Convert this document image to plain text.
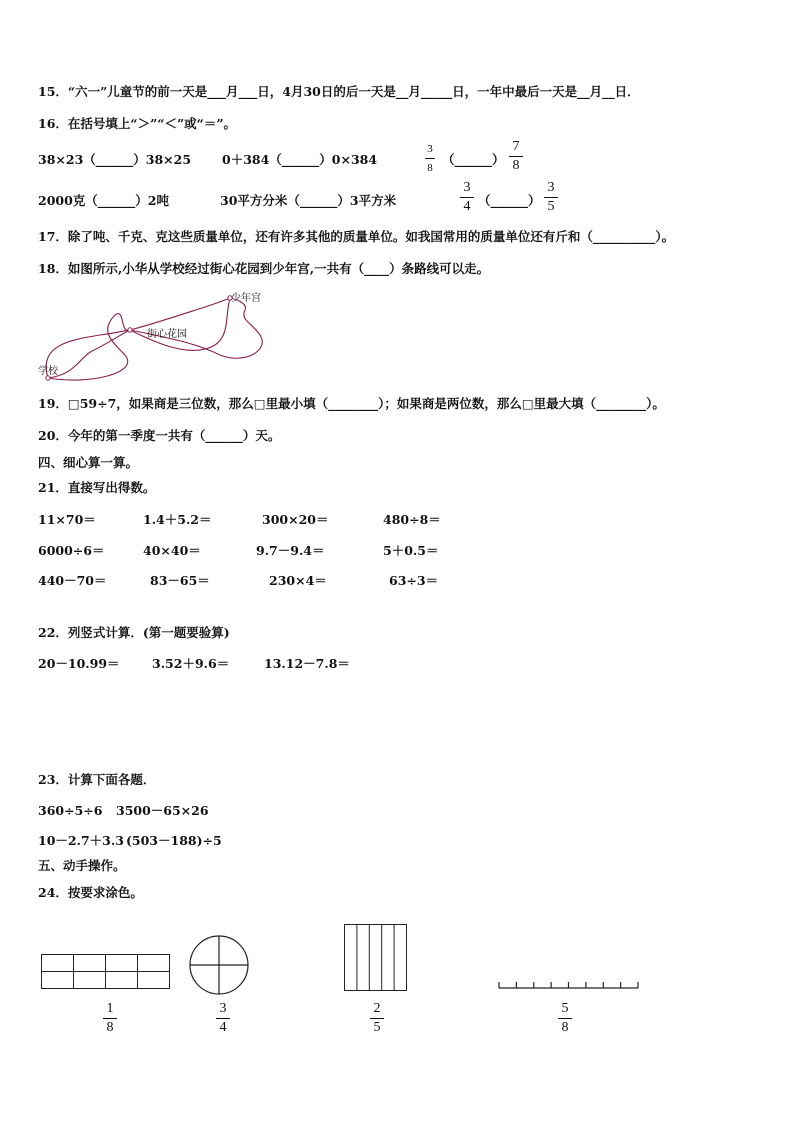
15．“六一”儿童节的前一天是___月___日，4月30日的后一天是__月_____日，一年中最后一天是__月__日．
16．在括号填上“＞”“＜”或“＝”。
38×23（______）38×25 0＋384（______）0×384
3
8
（______）
7
8
2000克（______）2吨	30平方分米（______）3平方米
3
4 （______）
3
5
17．除了吨、千克、克这些质量单位，还有许多其他的质量单位。如我国常用的质量单位还有斤和（__________）。
18．如图所示,小华从学校经过街心花园到少年宫,一共有（____）条路线可以走。
学校
街心花园
少年宫
19．□59÷7，如果商是三位数，那么□里最小填（________）；如果商是两位数，那么□里最大填（________）。
20．今年的第一季度一共有（______）天。
四、细心算一算。
21．直接写出得数。
11×70＝	1.4＋5.2＝	300×20＝	480÷8＝
6000÷6＝	40×40＝	9.7－9.4＝	5＋0.5＝
440－70＝	83－65＝	230×4＝	63÷3＝
22．列竖式计算．(第一题要验算)
20－10.99＝	3.52＋9.6＝	13.12－7.8＝
23．计算下面各题．
360÷5÷6 3500－65×26
10－2.7＋3.3 (503－188)÷5
五、动手操作。
24．按要求涂色。
1
8
3
4
2
5
5
8
